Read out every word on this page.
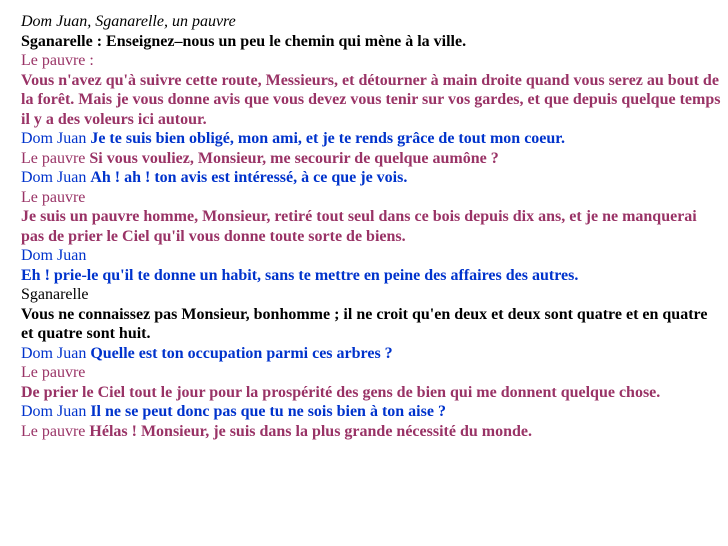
Dom Juan, Sganarelle, un pauvre
Sganarelle : Enseignez–nous un peu le chemin qui mène à la ville.
Le pauvre :
Vous n'avez qu'à suivre cette route, Messieurs, et détourner à main droite quand vous serez au bout de la forêt. Mais je vous donne avis que vous devez vous tenir sur vos gardes, et que depuis quelque temps il y a des voleurs ici autour.
Dom Juan Je te suis bien obligé, mon ami, et je te rends grâce de tout mon coeur.
Le pauvre Si vous vouliez, Monsieur, me secourir de quelque aumône ?
Dom Juan Ah ! ah ! ton avis est intéressé, à ce que je vois.
Le pauvre
Je suis un pauvre homme, Monsieur, retiré tout seul dans ce bois depuis dix ans, et je ne manquerai pas de prier le Ciel qu'il vous donne toute sorte de biens.
Dom Juan
Eh ! prie-le qu'il te donne un habit, sans te mettre en peine des affaires des autres.
Sganarelle
Vous ne connaissez pas Monsieur, bonhomme ; il ne croit qu'en deux et deux sont quatre et en quatre et quatre sont huit.
Dom Juan Quelle est ton occupation parmi ces arbres ?
Le pauvre
De prier le Ciel tout le jour pour la prospérité des gens de bien qui me donnent quelque chose.
Dom Juan Il ne se peut donc pas que tu ne sois bien à ton aise ?
Le pauvre Hélas ! Monsieur, je suis dans la plus grande nécessité du monde.
